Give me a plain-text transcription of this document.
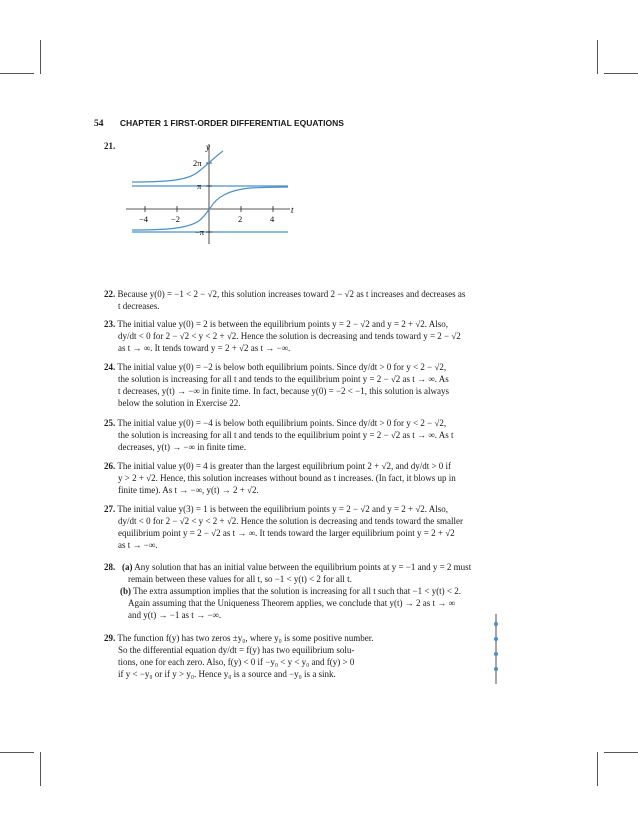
54 CHAPTER 1 FIRST-ORDER DIFFERENTIAL EQUATIONS
21.	y
t
−4	−2	2	4
2π
π
−π
22. Because y(0) = −1 < 2 − √2, this solution increases toward 2 − √2 as t increases and decreases as
t decreases.
23. The initial value y(0) = 2 is between the equilibrium points y = 2 − √2 and y = 2 + √2. Also,
dy/dt < 0 for 2 − √2 < y < 2 + √2. Hence the solution is decreasing and tends toward y = 2 − √2
as t → ∞. It tends toward y = 2 + √2 as t → −∞.
24. The initial value y(0) = −2 is below both equilibrium points. Since dy/dt > 0 for y < 2 − √2,
the solution is increasing for all t and tends to the equilibrium point y = 2 − √2 as t → ∞. As
t decreases, y(t) → −∞ in finite time. In fact, because y(0) = −2 < −1, this solution is always
below the solution in Exercise 22.
25. The initial value y(0) = −4 is below both equilibrium points. Since dy/dt > 0 for y < 2 − √2,
the solution is increasing for all t and tends to the equilibrium point y = 2 − √2 as t → ∞. As t
decreases, y(t) → −∞ in finite time.
26. The initial value y(0) = 4 is greater than the largest equilibrium point 2 + √2, and dy/dt > 0 if
y > 2 + √2. Hence, this solution increases without bound as t increases. (In fact, it blows up in
finite time). As t → −∞, y(t) → 2 + √2.
27. The initial value y(3) = 1 is between the equilibrium points y = 2 − √2 and y = 2 + √2. Also,
dy/dt < 0 for 2 − √2 < y < 2 + √2. Hence the solution is decreasing and tends toward the smaller
equilibrium point y = 2 − √2 as t → ∞. It tends toward the larger equilibrium point y = 2 + √2
as t → −∞.
28. (a) Any solution that has an initial value between the equilibrium points at y = −1 and y = 2 must
remain between these values for all t, so −1 < y(t) < 2 for all t.
(b) The extra assumption implies that the solution is increasing for all t such that −1 < y(t) < 2.
Again assuming that the Uniqueness Theorem applies, we conclude that y(t) → 2 as t → ∞
and y(t) → −1 as t → −∞.
29. The function f(y) has two zeros ±y₀, where y₀ is some positive number.
So the differential equation dy/dt = f(y) has two equilibrium solu-
tions, one for each zero. Also, f(y) < 0 if −y₀ < y < y₀ and f(y) > 0
if y < −y₀ or if y > y₀. Hence y₀ is a source and −y₀ is a sink.
